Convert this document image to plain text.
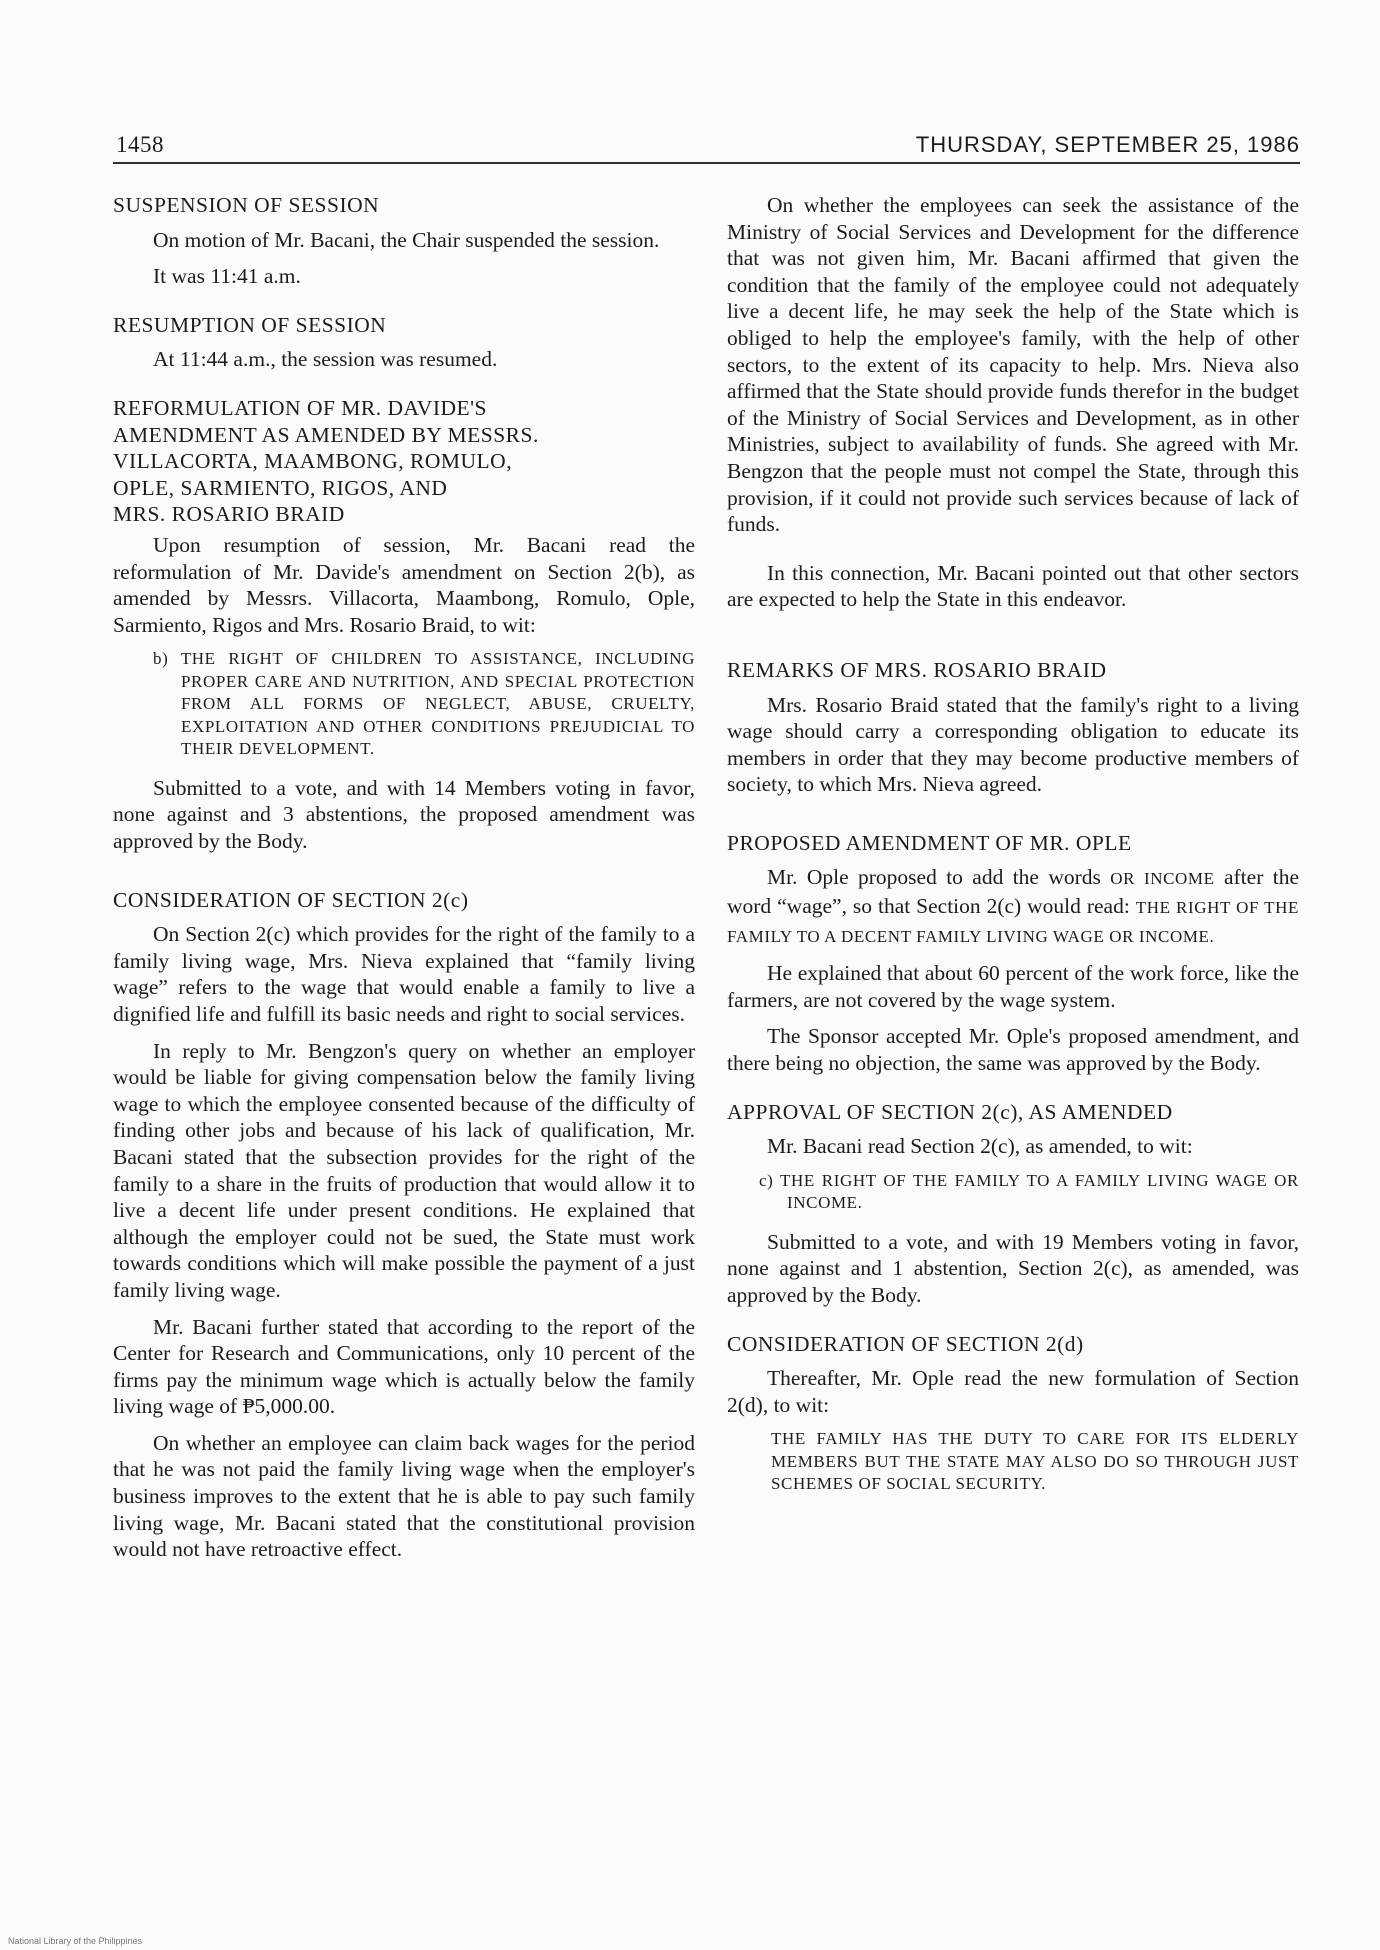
1458	THURSDAY, SEPTEMBER 25, 1986
SUSPENSION OF SESSION

On motion of Mr. Bacani, the Chair suspended the session.

It was 11:41 a.m.

RESUMPTION OF SESSION

At 11:44 a.m., the session was resumed.

REFORMULATION OF MR. DAVIDE'S
AMENDMENT AS AMENDED BY MESSRS.
VILLACORTA, MAAMBONG, ROMULO,
OPLE, SARMIENTO, RIGOS, AND
MRS. ROSARIO BRAID

Upon resumption of session, Mr. Bacani read the reformulation of Mr. Davide's amendment on Section 2(b), as amended by Messrs. Villacorta, Maambong, Romulo, Ople, Sarmiento, Rigos and Mrs. Rosario Braid, to wit:

b) THE RIGHT OF CHILDREN TO ASSISTANCE, INCLUDING PROPER CARE AND NUTRITION, AND SPECIAL PROTECTION FROM ALL FORMS OF NEGLECT, ABUSE, CRUELTY, EXPLOITATION AND OTHER CONDITIONS PREJUDICIAL TO THEIR DEVELOPMENT.

Submitted to a vote, and with 14 Members voting in favor, none against and 3 abstentions, the proposed amendment was approved by the Body.

CONSIDERATION OF SECTION 2(c)

On Section 2(c) which provides for the right of the family to a family living wage, Mrs. Nieva explained that “family living wage” refers to the wage that would enable a family to live a dignified life and fulfill its basic needs and right to social services.

In reply to Mr. Bengzon's query on whether an employer would be liable for giving compensation below the family living wage to which the employee consented because of the difficulty of finding other jobs and because of his lack of qualification, Mr. Bacani stated that the subsection provides for the right of the family to a share in the fruits of production that would allow it to live a decent life under present conditions. He explained that although the employer could not be sued, the State must work towards conditions which will make possible the payment of a just family living wage.

Mr. Bacani further stated that according to the report of the Center for Research and Communications, only 10 percent of the firms pay the minimum wage which is actually below the family living wage of ₱5,000.00.

On whether an employee can claim back wages for the period that he was not paid the family living wage when the employer's business improves to the extent that he is able to pay such family living wage, Mr. Bacani stated that the constitutional provision would not have retroactive effect.

On whether the employees can seek the assistance of the Ministry of Social Services and Development for the difference that was not given him, Mr. Bacani affirmed that given the condition that the family of the employee could not adequately live a decent life, he may seek the help of the State which is obliged to help the employee's family, with the help of other sectors, to the extent of its capacity to help. Mrs. Nieva also affirmed that the State should provide funds therefor in the budget of the Ministry of Social Services and Development, as in other Ministries, subject to availability of funds. She agreed with Mr. Bengzon that the people must not compel the State, through this provision, if it could not provide such services because of lack of funds.

In this connection, Mr. Bacani pointed out that other sectors are expected to help the State in this endeavor.

REMARKS OF MRS. ROSARIO BRAID

Mrs. Rosario Braid stated that the family's right to a living wage should carry a corresponding obligation to educate its members in order that they may become productive members of society, to which Mrs. Nieva agreed.

PROPOSED AMENDMENT OF MR. OPLE

Mr. Ople proposed to add the words OR INCOME after the word “wage”, so that Section 2(c) would read: THE RIGHT OF THE FAMILY TO A DECENT FAMILY LIVING WAGE OR INCOME.

He explained that about 60 percent of the work force, like the farmers, are not covered by the wage system.

The Sponsor accepted Mr. Ople's proposed amendment, and there being no objection, the same was approved by the Body.

APPROVAL OF SECTION 2(c), AS AMENDED

Mr. Bacani read Section 2(c), as amended, to wit:

c) THE RIGHT OF THE FAMILY TO A FAMILY LIVING WAGE OR INCOME.

Submitted to a vote, and with 19 Members voting in favor, none against and 1 abstention, Section 2(c), as amended, was approved by the Body.

CONSIDERATION OF SECTION 2(d)

Thereafter, Mr. Ople read the new formulation of Section 2(d), to wit:

THE FAMILY HAS THE DUTY TO CARE FOR ITS ELDERLY MEMBERS BUT THE STATE MAY ALSO DO SO THROUGH JUST SCHEMES OF SOCIAL SECURITY.

National Library of the Philippines
